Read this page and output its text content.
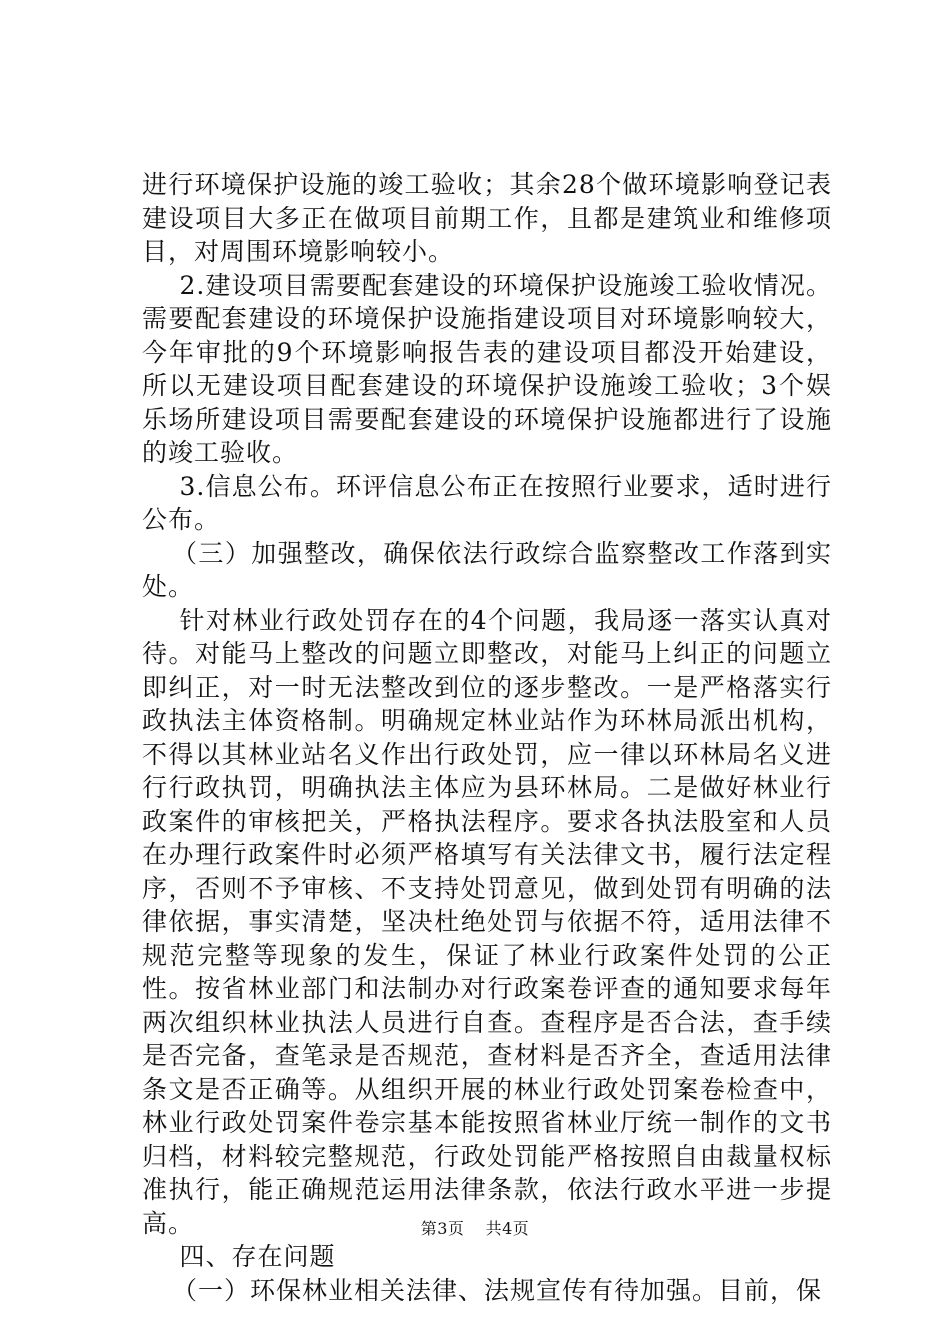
进行环境保护设施的竣工验收；其余28个做环境影响登记表建设项目大多正在做项目前期工作，且都是建筑业和维修项目，对周围环境影响较小。

2.建设项目需要配套建设的环境保护设施竣工验收情况。需要配套建设的环境保护设施指建设项目对环境影响较大，今年审批的9个环境影响报告表的建设项目都没开始建设，所以无建设项目配套建设的环境保护设施竣工验收；3个娱乐场所建设项目需要配套建设的环境保护设施都进行了设施的竣工验收。

3.信息公布。环评信息公布正在按照行业要求，适时进行公布。

（三）加强整改，确保依法行政综合监察整改工作落到实处。

针对林业行政处罚存在的4个问题，我局逐一落实认真对待。对能马上整改的问题立即整改，对能马上纠正的问题立即纠正，对一时无法整改到位的逐步整改。一是严格落实行政执法主体资格制。明确规定林业站作为环林局派出机构，不得以其林业站名义作出行政处罚，应一律以环林局名义进行行政执罚，明确执法主体应为县环林局。二是做好林业行政案件的审核把关，严格执法程序。要求各执法股室和人员在办理行政案件时必须严格填写有关法律文书，履行法定程序，否则不予审核、不支持处罚意见，做到处罚有明确的法律依据，事实清楚，坚决杜绝处罚与依据不符，适用法律不规范完整等现象的发生，保证了林业行政案件处罚的公正性。按省林业部门和法制办对行政案卷评查的通知要求每年两次组织林业执法人员进行自查。查程序是否合法，查手续是否完备，查笔录是否规范，查材料是否齐全，查适用法律条文是否正确等。从组织开展的林业行政处罚案卷检查中，林业行政处罚案件卷宗基本能按照省林业厅统一制作的文书归档，材料较完整规范，行政处罚能严格按照自由裁量权标准执行，能正确规范运用法律条款，依法行政水平进一步提高。

四、存在问题

（一）环保林业相关法律、法规宣传有待加强。目前，保

第3页 共4页
